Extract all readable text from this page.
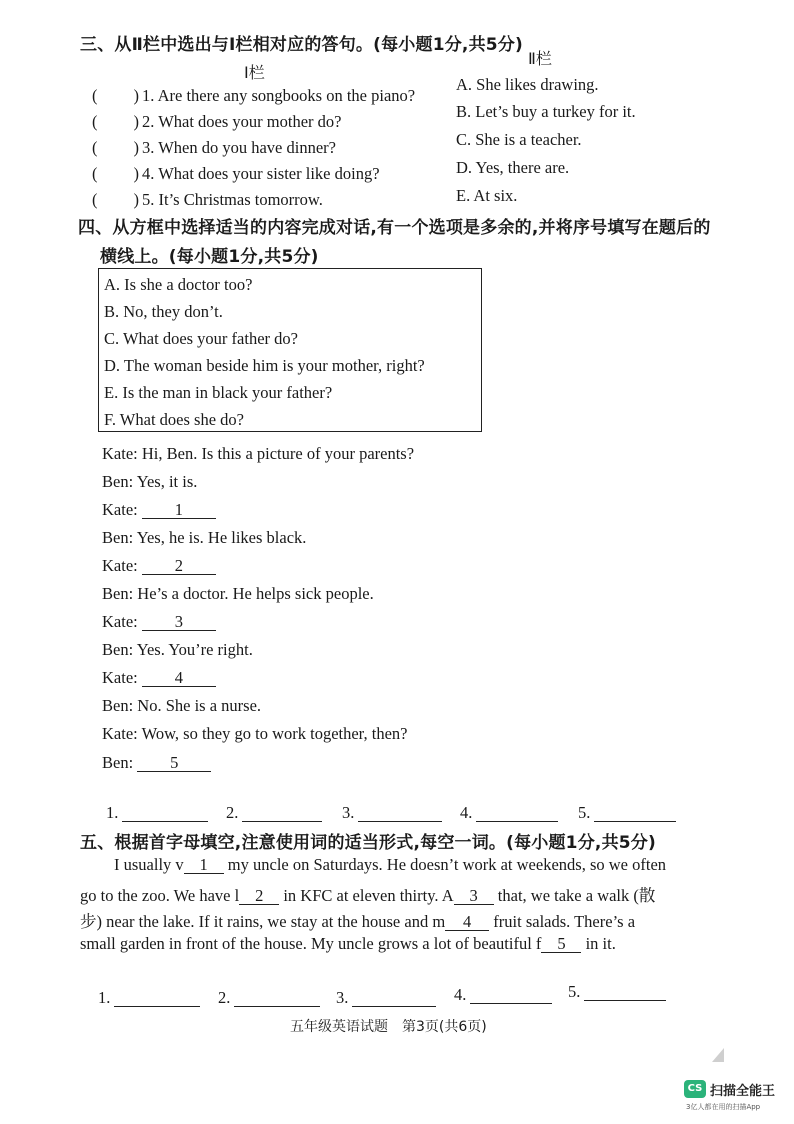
三、从Ⅱ栏中选出与Ⅰ栏相对应的答句。(每小题1分,共5分)
Ⅰ栏
Ⅱ栏
( ) 1. Are there any songbooks on the piano?
( ) 2. What does your mother do?
( ) 3. When do you have dinner?
( ) 4. What does your sister like doing?
( ) 5. It’s Christmas tomorrow.
A. She likes drawing.
B. Let’s buy a turkey for it.
C. She is a teacher.
D. Yes, there are.
E. At six.
四、从方框中选择适当的内容完成对话,有一个选项是多余的,并将序号填写在题后的
横线上。(每小题1分,共5分)
A. Is she a doctor too?
B. No, they don’t.
C. What does your father do?
D. The woman beside him is your mother, right?
E. Is the man in black your father?
F. What does she do?
Kate: Hi, Ben. Is this a picture of your parents?
Ben: Yes, it is.
Kate: 1
Ben: Yes, he is. He likes black.
Kate: 2
Ben: He’s a doctor. He helps sick people.
Kate: 3
Ben: Yes. You’re right.
Kate: 4
Ben: No. She is a nurse.
Kate: Wow, so they go to work together, then?
Ben: 5
1.	2.	3.	4.	5.
五、根据首字母填空,注意使用词的适当形式,每空一词。(每小题1分,共5分)
I usually v 1 my uncle on Saturdays. He doesn’t work at weekends, so we often
go to the zoo. We have l 2 in KFC at eleven thirty. A 3 that, we take a walk (散
步) near the lake. If it rains, we stay at the house and m 4 fruit salads. There’s a
small garden in front of the house. My uncle grows a lot of beautiful f 5 in it.
1.	2.	3.	4.	5.
五年级英语试题　第3页(共6页)
CS 扫描全能王
3亿人都在用的扫描App
